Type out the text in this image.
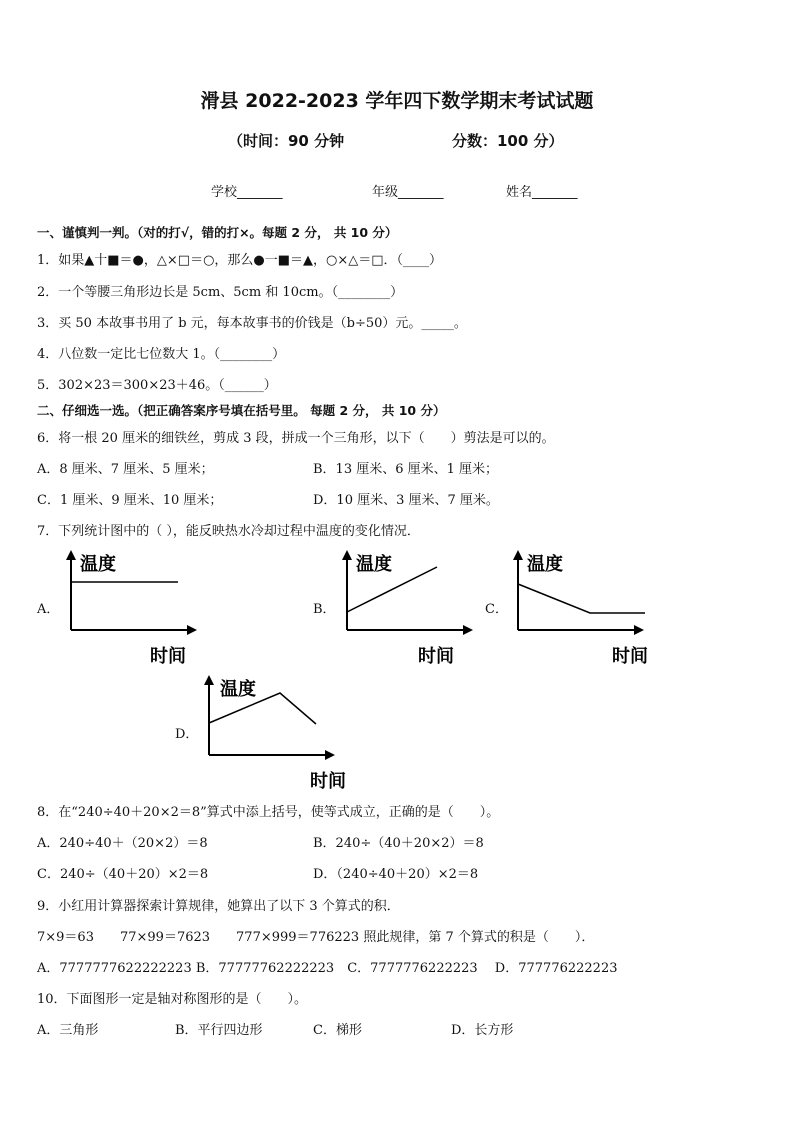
滑县 2022-2023 学年四下数学期末考试试题
（时间：90 分钟	分数：100 分）
学校_______	年级_______	姓名_______
一、谨慎判一判。（对的打√，错的打×。每题 2 分， 共 10 分）
1．如果▲十■＝●，△×□＝○，那么●一■＝▲，○×△＝□．（____）
2．一个等腰三角形边长是 5cm、5cm 和 10cm。（________）
3．买 50 本故事书用了 b 元，每本故事书的价钱是（b÷50）元。_____。
4．八位数一定比七位数大 1。（________）
5．302×23＝300×23＋46。（______）
二、仔细选一选。（把正确答案序号填在括号里。 每题 2 分， 共 10 分）
6．将一根 20 厘米的细铁丝，剪成 3 段，拼成一个三角形，以下（　　）剪法是可以的。
A．8 厘米、7 厘米、5 厘米；	B．13 厘米、6 厘米、1 厘米；
C．1 厘米、9 厘米、10 厘米；	D．10 厘米、3 厘米、7 厘米。
7．下列统计图中的（ ），能反映热水冷却过程中温度的变化情况．
A．
温度
时间
B．
温度
时间
C．
温度
时间
D．
温度
时间
8．在“240÷40＋20×2＝8”算式中添上括号，使等式成立，正确的是（　　）。
A．240÷40＋（20×2）＝8	B．240÷（40＋20×2）＝8
C．240÷（40＋20）×2＝8	D．（240÷40＋20）×2＝8
9．小红用计算器探索计算规律，她算出了以下 3 个算式的积．
7×9＝63　　77×99＝7623　　777×999＝776223 照此规律，第 7 个算式的积是（　　）．
A．7777777622222223 B．77777762222223　C．7777776222223　 D．777776222223
10．下面图形一定是轴对称图形的是（　　）。
A．三角形	B．平行四边形	C．梯形	D．长方形
